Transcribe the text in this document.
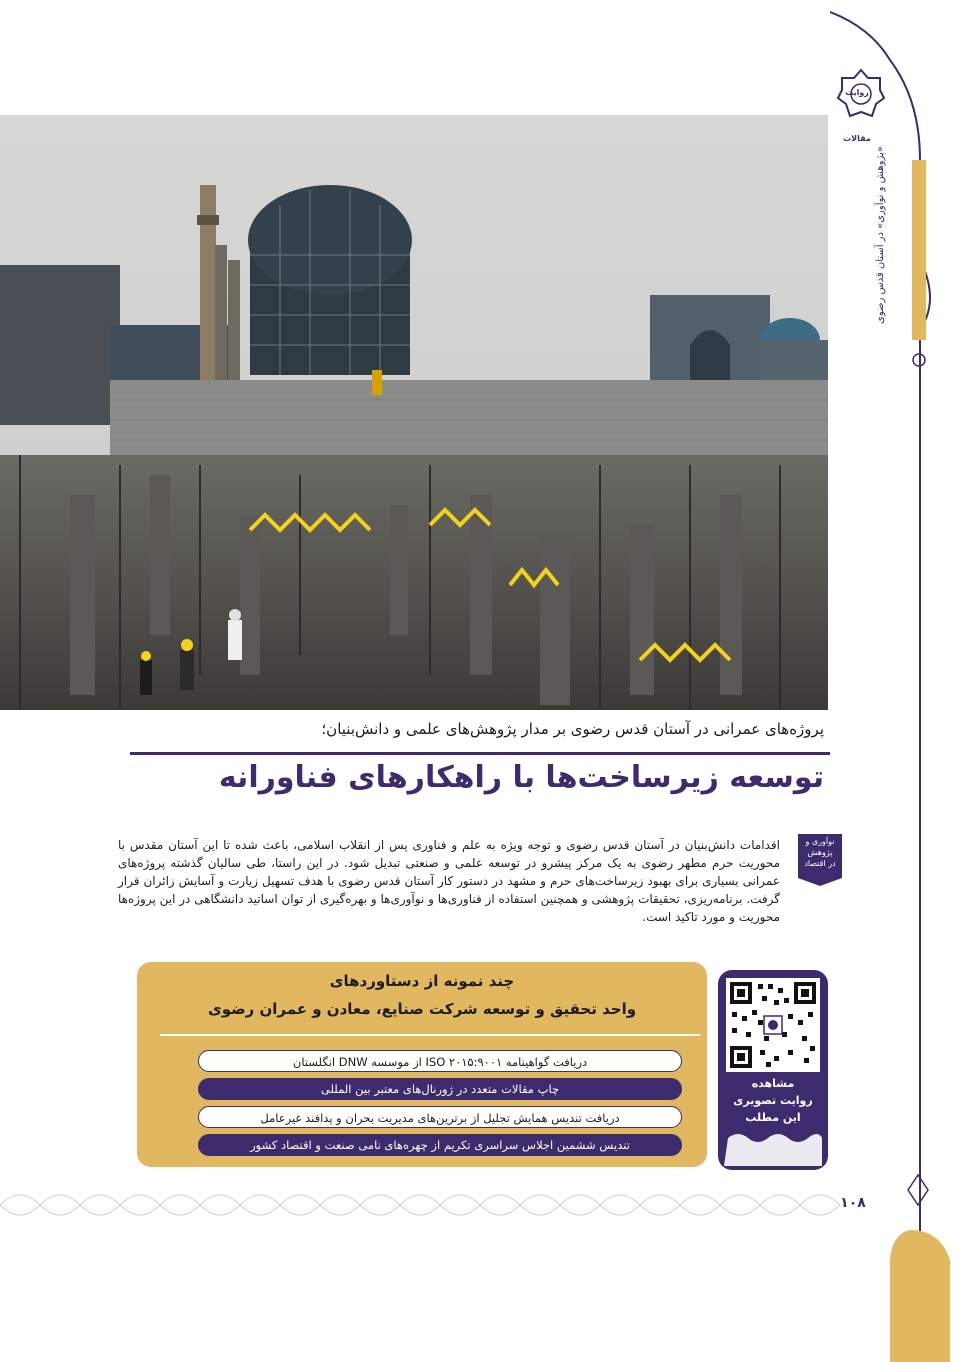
روایت مقالات
«پژوهش و نوآوری» در آستان قدس رضوی
پروژه‌های عمرانی در آستان قدس رضوی بر مدار پژوهش‌های علمی و دانش‌بنیان؛
توسعه زیرساخت‌ها با راهکارهای فناورانه
نوآوری و
پژوهش
در اقتصاد
اقدامات دانش‌بنیان در آستان قدس رضوی و توجه ویژه به علم و فناوری پس از انقلاب اسلامی، باعث شده تا این آستان مقدس با محوریت حرم مطهر رضوی به یک مرکز پیشرو در توسعه علمی و صنعتی تبدیل شود. در این راستا، طی سالیان گذشته پروژه‌های عمرانی بسیاری برای بهبود زیرساخت‌های حرم و مشهد در دستور کار آستان قدس رضوی با هدف تسهیل زیارت و آسایش زائران قرار گرفت. برنامه‌ریزی، تحقیقات پژوهشی و همچنین استفاده از فناوری‌ها و نوآوری‌ها و بهره‌گیری از توان اساتید دانشگاهی در این پروژه‌ها محوریت و مورد تاکید است.
چند نمونه از دستاوردهای
واحد تحقیق و توسعه شرکت صنایع، معادن و عمران رضوی
دریافت گواهینامه ISO ۲۰۱۵:۹۰۰۱ از موسسه DNW انگلستان
چاپ مقالات متعدد در ژورنال‌های معتبر بین المللی
دریافت تندیس همایش تجلیل از برترین‌های مدیریت بحران و پدافند غیرعامل
تندیس ششمین اجلاس سراسری تکریم از چهره‌های نامی صنعت و اقتصاد کشور
مشاهده
روایت تصویری
این مطلب
۱۰۸
